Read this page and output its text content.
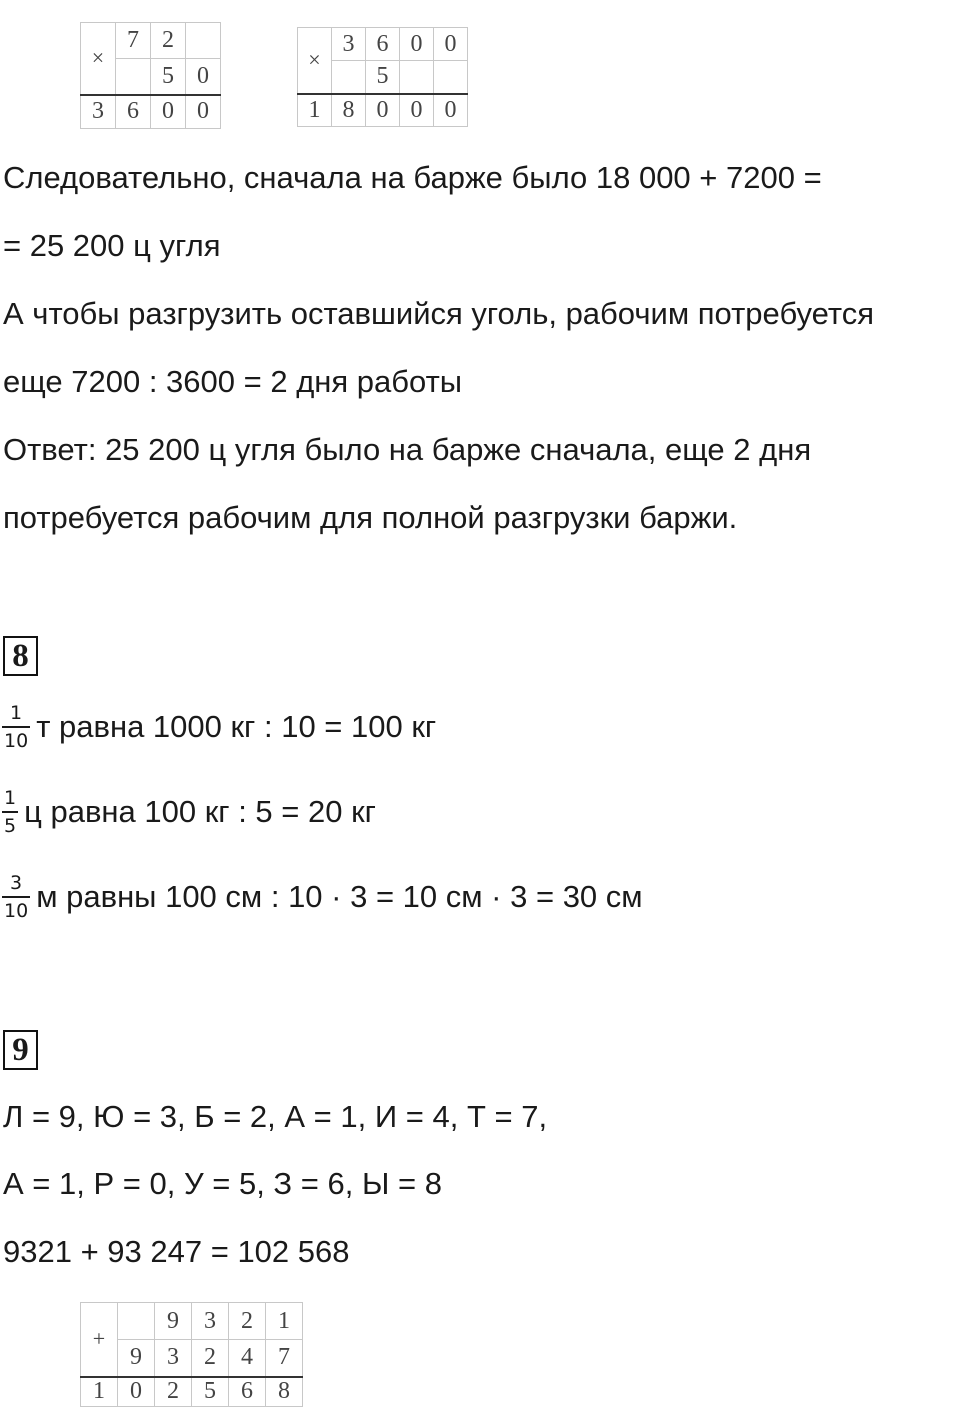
×	7	2	
		5	0
3	6	0	0
×	3	6	0	0
		5		
1	8	0	0	0
Следовательно, сначала на барже было 18 000 + 7200 =
= 25 200 ц угля
А чтобы разгрузить оставшийся уголь, рабочим потребуется
еще 7200 : 3600 = 2 дня работы
Ответ: 25 200 ц угля было на барже сначала, еще 2 дня
потребуется рабочим для полной разгрузки баржи.
8
$\frac{1}{10}$ т равна 1000 кг : 10 = 100 кг
$\frac{1}{5}$ ц равна 100 кг : 5 = 20 кг
$\frac{3}{10}$ м равны 100 см : 10 · 3 = 10 см · 3 = 30 см
9
Л = 9, Ю = 3, Б = 2, А = 1, И = 4, Т = 7,
А = 1, Р = 0, У = 5, З = 6, Ы = 8
9321 + 93 247 = 102 568
+		9	3	2	1
	9	3	2	4	7
1	0	2	5	6	8
